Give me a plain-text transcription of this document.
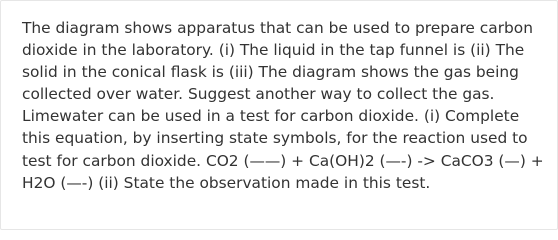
The diagram shows apparatus that can be used to prepare carbon dioxide in the laboratory. (i) The liquid in the tap funnel is (ii) The solid in the conical flask is (iii) The diagram shows the gas being collected over water. Suggest another way to collect the gas. Limewater can be used in a test for carbon dioxide. (i) Complete this equation, by inserting state symbols, for the reaction used to test for carbon dioxide. CO2 (——) + Ca(OH)2 (—-) -> CaCO3 (—) + H2O (—-) (ii) State the observation made in this test.
